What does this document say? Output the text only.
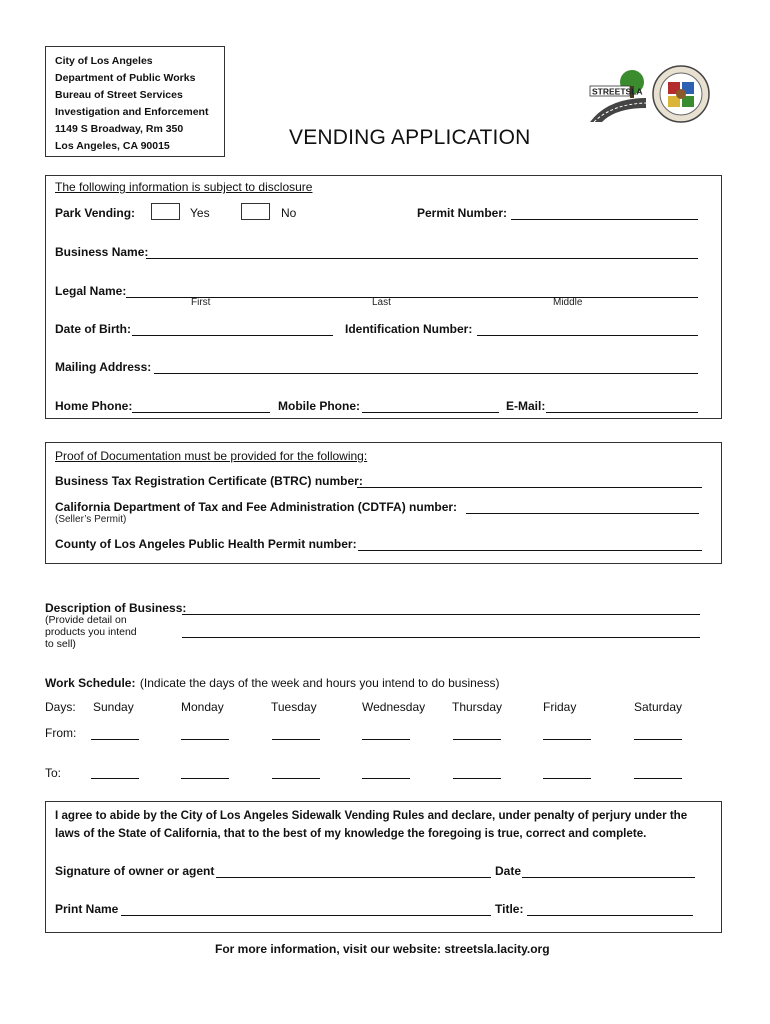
City of Los Angeles
Department of Public Works
Bureau of Street Services
Investigation and Enforcement
1149 S Broadway, Rm 350
Los Angeles, CA 90015	VENDING APPLICATION
STREETSLA
The following information is subject to disclosure
Park Vending:	Yes	No	Permit Number:
Business Name:
Legal Name:
First	Last	Middle
Date of Birth:	Identification Number:
Mailing Address:
Home Phone:	Mobile Phone:	E-Mail:
Proof of Documentation must be provided for the following:
Business Tax Registration Certificate (BTRC) number:
California Department of Tax and Fee Administration (CDTFA) number:
(Seller’s Permit)
County of Los Angeles Public Health Permit number:
Description of Business:
(Provide detail on
products you intend
to sell)
Work Schedule: (Indicate the days of the week and hours you intend to do business)
Days: Sunday	Monday	Tuesday	Wednesday Thursday	Friday	Saturday
From:
To:
I agree to abide by the City of Los Angeles Sidewalk Vending Rules and declare, under penalty of perjury under the
laws of the State of California, that to the best of my knowledge the foregoing is true, correct and complete.
Signature of owner or agent	Date
Print Name	Title:
For more information, visit our website: streetsla.lacity.org
